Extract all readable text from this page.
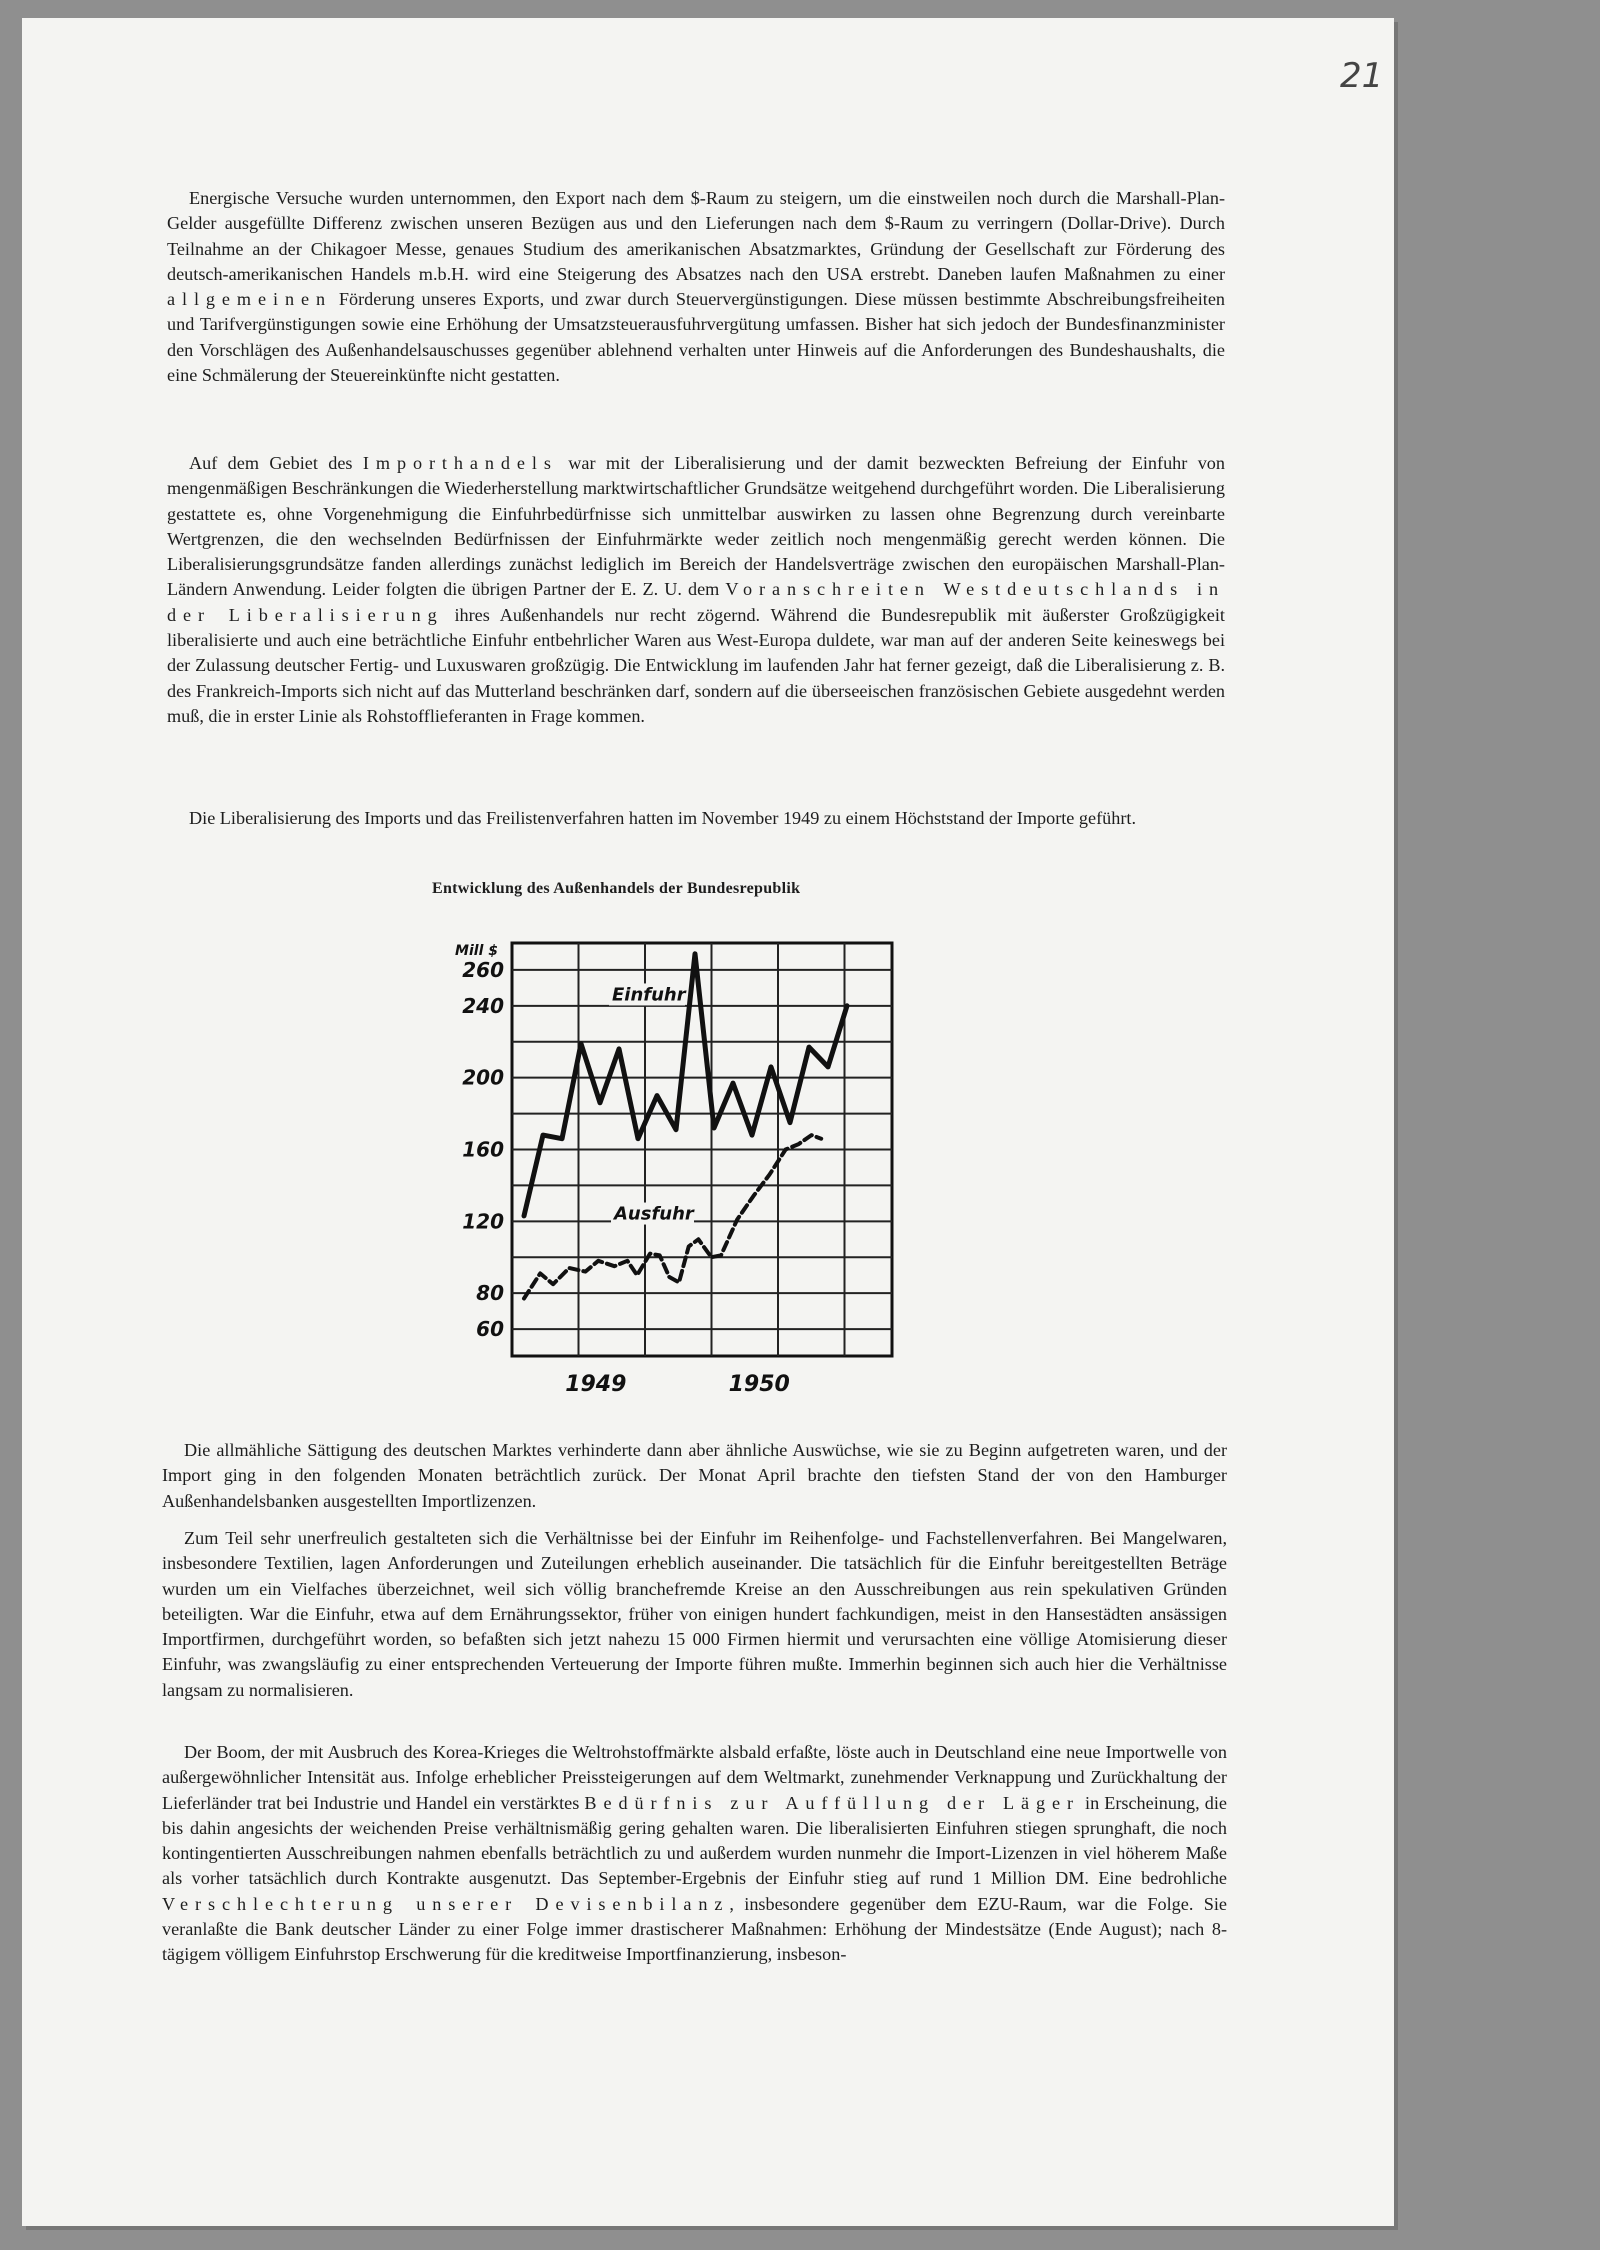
21

Energische Versuche wurden unternommen, den Export nach dem $-Raum zu steigern, um die einstweilen noch durch die Marshall-Plan-Gelder ausgefüllte Differenz zwischen unseren Bezügen aus und den Lieferungen nach dem $-Raum zu verringern (Dollar-Drive). Durch Teilnahme an der Chikagoer Messe, genaues Studium des amerikanischen Absatzmarktes, Gründung der Gesellschaft zur Förderung des deutsch-amerikanischen Handels m.b.H. wird eine Steigerung des Absatzes nach den USA erstrebt. Daneben laufen Maßnahmen zu einer allgemeinen Förderung unseres Exports, und zwar durch Steuervergünstigungen. Diese müssen bestimmte Abschreibungsfreiheiten und Tarifvergünstigungen sowie eine Erhöhung der Umsatzsteuerausfuhrvergütung umfassen. Bisher hat sich jedoch der Bundesfinanzminister den Vorschlägen des Außenhandelsauschusses gegenüber ablehnend verhalten unter Hinweis auf die Anforderungen des Bundeshaushalts, die eine Schmälerung der Steuereinkünfte nicht gestatten.

Auf dem Gebiet des Importhandels war mit der Liberalisierung und der damit bezweckten Befreiung der Einfuhr von mengenmäßigen Beschränkungen die Wiederherstellung marktwirtschaftlicher Grundsätze weitgehend durchgeführt worden. Die Liberalisierung gestattete es, ohne Vorgenehmigung die Einfuhrbedürfnisse sich unmittelbar auswirken zu lassen ohne Begrenzung durch vereinbarte Wertgrenzen, die den wechselnden Bedürfnissen der Einfuhrmärkte weder zeitlich noch mengenmäßig gerecht werden können. Die Liberalisierungsgrundsätze fanden allerdings zunächst lediglich im Bereich der Handelsverträge zwischen den europäischen Marshall-Plan-Ländern Anwendung. Leider folgten die übrigen Partner der E. Z. U. dem Voranschreiten Westdeutschlands in der Liberalisierung ihres Außenhandels nur recht zögernd. Während die Bundesrepublik mit äußerster Großzügigkeit liberalisierte und auch eine beträchtliche Einfuhr entbehrlicher Waren aus West-Europa duldete, war man auf der anderen Seite keineswegs bei der Zulassung deutscher Fertig- und Luxuswaren großzügig. Die Entwicklung im laufenden Jahr hat ferner gezeigt, daß die Liberalisierung z. B. des Frankreich-Imports sich nicht auf das Mutterland beschränken darf, sondern auf die überseeischen französischen Gebiete ausgedehnt werden muß, die in erster Linie als Rohstofflieferanten in Frage kommen.

Die Liberalisierung des Imports und das Freilistenverfahren hatten im November 1949 zu einem Höchststand der Importe geführt.

Entwicklung des Außenhandels der Bundesrepublik
Mill $
260
240
200
160
120
80
60
1949	1950
Einfuhr
Ausfuhr

Die allmähliche Sättigung des deutschen Marktes verhinderte dann aber ähnliche Auswüchse, wie sie zu Beginn aufgetreten waren, und der Import ging in den folgenden Monaten beträchtlich zurück. Der Monat April brachte den tiefsten Stand der von den Hamburger Außenhandelsbanken ausgestellten Importlizenzen.

Zum Teil sehr unerfreulich gestalteten sich die Verhältnisse bei der Einfuhr im Reihenfolge- und Fachstellenverfahren. Bei Mangelwaren, insbesondere Textilien, lagen Anforderungen und Zuteilungen erheblich auseinander. Die tatsächlich für die Einfuhr bereitgestellten Beträge wurden um ein Vielfaches überzeichnet, weil sich völlig branchefremde Kreise an den Ausschreibungen aus rein spekulativen Gründen beteiligten. War die Einfuhr, etwa auf dem Ernährungssektor, früher von einigen hundert fachkundigen, meist in den Hansestädten ansässigen Importfirmen, durchgeführt worden, so befaßten sich jetzt nahezu 15 000 Firmen hiermit und verursachten eine völlige Atomisierung dieser Einfuhr, was zwangsläufig zu einer entsprechenden Verteuerung der Importe führen mußte. Immerhin beginnen sich auch hier die Verhältnisse langsam zu normalisieren.

Der Boom, der mit Ausbruch des Korea-Krieges die Weltrohstoffmärkte alsbald erfaßte, löste auch in Deutschland eine neue Importwelle von außergewöhnlicher Intensität aus. Infolge erheblicher Preissteigerungen auf dem Weltmarkt, zunehmender Verknappung und Zurückhaltung der Lieferländer trat bei Industrie und Handel ein verstärktes Bedürfnis zur Auffüllung der Läger in Erscheinung, die bis dahin angesichts der weichenden Preise verhältnismäßig gering gehalten waren. Die liberalisierten Einfuhren stiegen sprunghaft, die noch kontingentierten Ausschreibungen nahmen ebenfalls beträchtlich zu und außerdem wurden nunmehr die Import-Lizenzen in viel höherem Maße als vorher tatsächlich durch Kontrakte ausgenutzt. Das September-Ergebnis der Einfuhr stieg auf rund 1 Million DM. Eine bedrohliche Verschlechterung unserer Devisenbilanz, insbesondere gegenüber dem EZU-Raum, war die Folge. Sie veranlaßte die Bank deutscher Länder zu einer Folge immer drastischerer Maßnahmen: Erhöhung der Mindestsätze (Ende August); nach 8-tägigem völligem Einfuhrstop Erschwerung für die kreditweise Importfinanzierung, insbeson-
